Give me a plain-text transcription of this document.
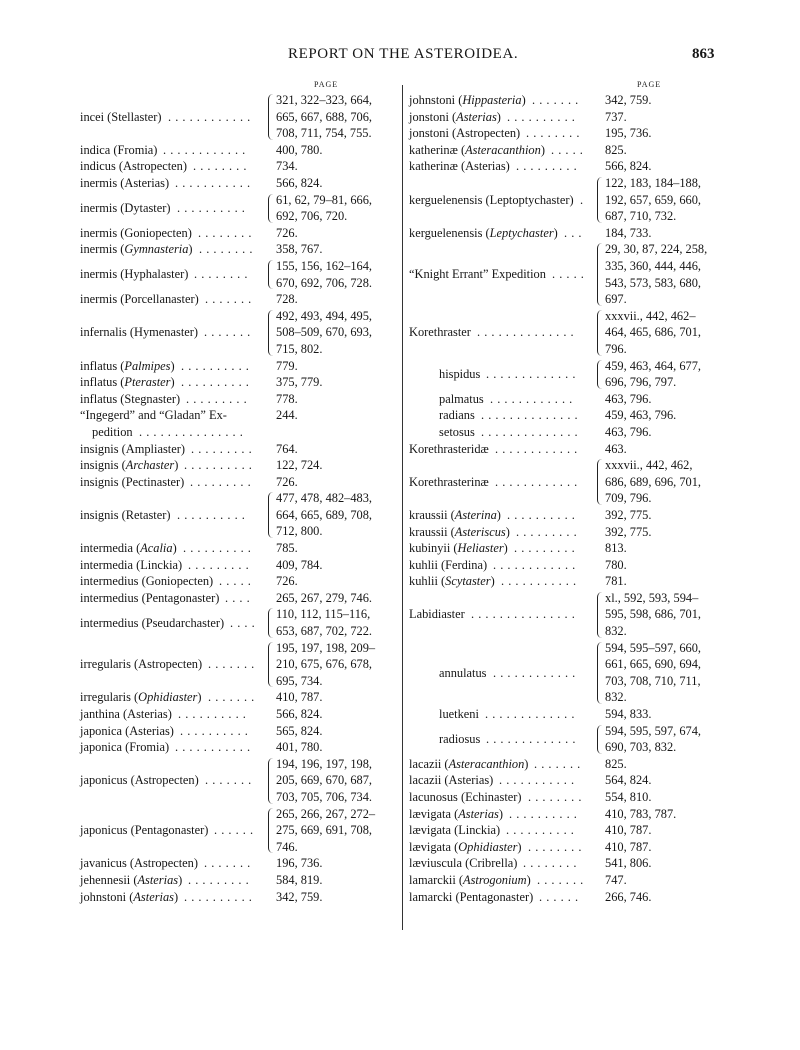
REPORT ON THE ASTEROIDEA.	863
PAGE
incei (Stellaster) . . . . . . . . . . . .
321, 322–323, 664,
665, 667, 688, 706,
708, 711, 754, 755.
indica (Fromia) . . . . . . . . . . . .	400, 780.
indicus (Astropecten) . . . . . . . .	734.
inermis (Asterias) . . . . . . . . . . .	566, 824.
inermis (Dytaster) . . . . . . . . . .
61, 62, 79–81, 666,
692, 706, 720.
inermis (Goniopecten) . . . . . . . .	726.
inermis (Gymnasteria) . . . . . . . .	358, 767.
inermis (Hyphalaster) . . . . . . . .
155, 156, 162–164,
670, 692, 706, 728.
inermis (Porcellanaster) . . . . . . .	728.
infernalis (Hymenaster) . . . . . . .
492, 493, 494, 495,
508–509, 670, 693,
715, 802.
inflatus (Palmipes) . . . . . . . . . .	779.
inflatus (Pteraster) . . . . . . . . . .	375, 779.
inflatus (Stegnaster) . . . . . . . . .	778.
“Ingegerd” and “Gladan” Ex-
pedition . . . . . . . . . . . . . . .
244.
insignis (Ampliaster) . . . . . . . . .	764.
insignis (Archaster) . . . . . . . . . .	122, 724.
insignis (Pectinaster) . . . . . . . . .	726.
insignis (Retaster) . . . . . . . . . .
477, 478, 482–483,
664, 665, 689, 708,
712, 800.
intermedia (Acalia) . . . . . . . . . .	785.
intermedia (Linckia) . . . . . . . . .	409, 784.
intermedius (Goniopecten) . . . . .	726.
intermedius (Pentagonaster) . . . .	265, 267, 279, 746.
intermedius (Pseudarchaster) . . . .
110, 112, 115–116,
653, 687, 702, 722.
irregularis (Astropecten) . . . . . . .
195, 197, 198, 209–
210, 675, 676, 678,
695, 734.
irregularis (Ophidiaster) . . . . . . .	410, 787.
janthina (Asterias) . . . . . . . . . .	566, 824.
japonica (Asterias) . . . . . . . . . .	565, 824.
japonica (Fromia) . . . . . . . . . . .	401, 780.
japonicus (Astropecten) . . . . . . .
194, 196, 197, 198,
205, 669, 670, 687,
703, 705, 706, 734.
japonicus (Pentagonaster) . . . . . .
265, 266, 267, 272–
275, 669, 691, 708,
746.
javanicus (Astropecten) . . . . . . .	196, 736.
jehennesii (Asterias) . . . . . . . . .	584, 819.
johnstoni (Asterias) . . . . . . . . . .	342, 759.
PAGE
johnstoni (Hippasteria) . . . . . . .	342, 759.
jonstoni (Asterias) . . . . . . . . . .	737.
jonstoni (Astropecten) . . . . . . . .	195, 736.
katherinæ (Asteracanthion) . . . . .	825.
katherinæ (Asterias) . . . . . . . . .	566, 824.
kerguelenensis (Leptoptychaster) .
122, 183, 184–188,
192, 657, 659, 660,
687, 710, 732.
kerguelenensis (Leptychaster) . . .	184, 733.
“Knight Errant” Expedition . . . . .
29, 30, 87, 224, 258,
335, 360, 444, 446,
543, 573, 583, 680,
697.
Korethraster . . . . . . . . . . . . . .
xxxvii., 442, 462–
464, 465, 686, 701,
796.
hispidus . . . . . . . . . . . . .
459, 463, 464, 677,
696, 796, 797.
palmatus . . . . . . . . . . . .	463, 796.
radians . . . . . . . . . . . . . .	459, 463, 796.
setosus . . . . . . . . . . . . . .	463, 796.
Korethrasteridæ . . . . . . . . . . . .	463.
Korethrasterinæ . . . . . . . . . . . .
xxxvii., 442, 462,
686, 689, 696, 701,
709, 796.
kraussii (Asterina) . . . . . . . . . .	392, 775.
kraussii (Asteriscus) . . . . . . . . .	392, 775.
kubinyii (Heliaster) . . . . . . . . .	813.
kuhlii (Ferdina) . . . . . . . . . . . .	780.
kuhlii (Scytaster) . . . . . . . . . . .	781.
Labidiaster . . . . . . . . . . . . . . .
xl., 592, 593, 594–
595, 598, 686, 701,
832.
annulatus . . . . . . . . . . . .
594, 595–597, 660,
661, 665, 690, 694,
703, 708, 710, 711,
832.
luetkeni . . . . . . . . . . . . .	594, 833.
radiosus . . . . . . . . . . . . .
594, 595, 597, 674,
690, 703, 832.
lacazii (Asteracanthion) . . . . . . .	825.
lacazii (Asterias) . . . . . . . . . . .	564, 824.
lacunosus (Echinaster) . . . . . . . .	554, 810.
lævigata (Asterias) . . . . . . . . . .	410, 783, 787.
lævigata (Linckia) . . . . . . . . . .	410, 787.
lævigata (Ophidiaster) . . . . . . . .	410, 787.
læviuscula (Cribrella) . . . . . . . .	541, 806.
lamarckii (Astrogonium) . . . . . . .	747.
lamarcki (Pentagonaster) . . . . . .	266, 746.
